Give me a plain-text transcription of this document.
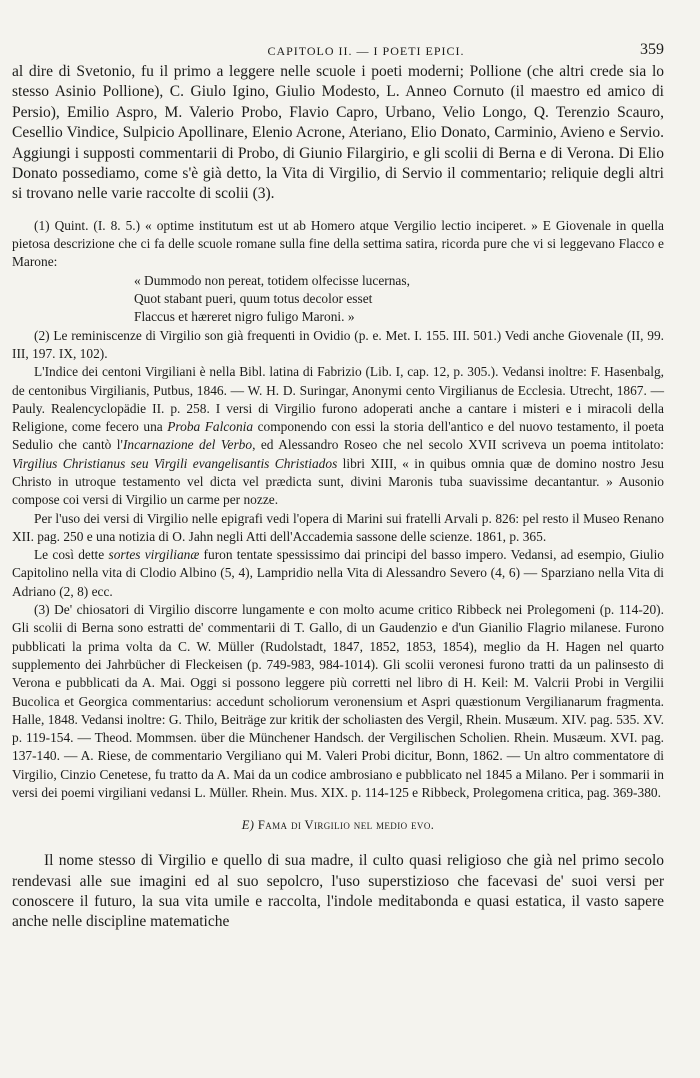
CAPITOLO II. — I POETI EPICI.	359

al dire di Svetonio, fu il primo a leggere nelle scuole i poeti moderni; Pollione (che altri crede sia lo stesso Asinio Pollione), C. Giulo Igino, Giulio Modesto, L. Anneo Cornuto (il maestro ed amico di Persio), Emilio Aspro, M. Valerio Probo, Flavio Capro, Urbano, Velio Longo, Q. Terenzio Scauro, Cesellio Vindice, Sulpicio Apollinare, Elenio Acrone, Ateriano, Elio Donato, Carminio, Avieno e Servio. Aggiungi i supposti commentarii di Probo, di Giunio Filargirio, e gli scolii di Berna e di Verona. Di Elio Donato possediamo, come s'è già detto, la Vita di Virgilio, di Servio il commentario; reliquie degli altri si trovano nelle varie raccolte di scolii (3).

(1) Quint. (I. 8. 5.) « optime institutum est ut ab Homero atque Vergilio lectio inciperet. » E Giovenale in quella pietosa descrizione che ci fa delle scuole romane sulla fine della settima satira, ricorda pure che vi si leggevano Flacco e Marone:

« Dummodo non pereat, totidem olfecisse lucernas,
Quot stabant pueri, quum totus decolor esset
Flaccus et hæreret nigro fuligo Maroni. »

(2) Le reminiscenze di Virgilio son già frequenti in Ovidio (p. e. Met. I. 155. III. 501.) Vedi anche Giovenale (II, 99. III, 197. IX, 102).

L'Indice dei centoni Virgiliani è nella Bibl. latina di Fabrizio (Lib. I, cap. 12, p. 305.). Vedansi inoltre: F. Hasenbalg, de centonibus Virgilianis, Putbus, 1846. — W. H. D. Suringar, Anonymi cento Virgilianus de Ecclesia. Utrecht, 1867. — Pauly. Realencyclopädie II. p. 258. I versi di Virgilio furono adoperati anche a cantare i misteri e i miracoli della Religione, come fecero una Proba Falconia componendo con essi la storia dell'antico e del nuovo testamento, il poeta Sedulio che cantò l'Incarnazione del Verbo, ed Alessandro Roseo che nel secolo XVII scriveva un poema intitolato: Virgilius Christianus seu Virgili evangelisantis Christiados libri XIII, « in quibus omnia quæ de domino nostro Jesu Christo in utroque testamento vel dicta vel prædicta sunt, divini Maronis tuba suavissime decantantur. » Ausonio compose coi versi di Virgilio un carme per nozze.

Per l'uso dei versi di Virgilio nelle epigrafi vedi l'opera di Marini sui fratelli Arvali p. 826: pel resto il Museo Renano XII. pag. 250 e una notizia di O. Jahn negli Atti dell'Accademia sassone delle scienze. 1861, p. 365.

Le così dette sortes virgilianæ furon tentate spessissimo dai principi del basso impero. Vedansi, ad esempio, Giulio Capitolino nella vita di Clodio Albino (5, 4), Lampridio nella Vita di Alessandro Severo (4, 6) — Sparziano nella Vita di Adriano (2, 8) ecc.

(3) De' chiosatori di Virgilio discorre lungamente e con molto acume critico Ribbeck nei Prolegomeni (p. 114-20). Gli scolii di Berna sono estratti de' commentarii di T. Gallo, di un Gaudenzio e d'un Gianilio Flagrio milanese. Furono pubblicati la prima volta da C. W. Müller (Rudolstadt, 1847, 1852, 1853, 1854), meglio da H. Hagen nel quarto supplemento dei Jahrbücher di Fleckeisen (p. 749-983, 984-1014). Gli scolii veronesi furono tratti da un palinsesto di Verona e pubblicati da A. Mai. Oggi si possono leggere più corretti nel libro di H. Keil: M. Valcrii Probi in Vergilii Bucolica et Georgica commentarius: accedunt scholiorum veronensium et Aspri quæstionum Vergilianarum fragmenta. Halle, 1848. Vedansi inoltre: G. Thilo, Beiträge zur kritik der scholiasten des Vergil, Rhein. Musæum. XIV. pag. 535. XV. p. 119-154. — Theod. Mommsen. über die Münchener Handsch. der Vergilischen Scholien. Rhein. Musæum. XVI. pag. 137-140. — A. Riese, de commentario Vergiliano qui M. Valeri Probi dicitur, Bonn, 1862. — Un altro commentatore di Virgilio, Cinzio Cenetese, fu tratto da A. Mai da un codice ambrosiano e pubblicato nel 1845 a Milano. Per i sommarii in versi dei poemi virgiliani vedansi L. Müller. Rhein. Mus. XIX. p. 114-125 e Ribbeck, Prolegomena critica, pag. 369-380.

E) Fama di Virgilio nel medio evo.

Il nome stesso di Virgilio e quello di sua madre, il culto quasi religioso che già nel primo secolo rendevasi alle sue imagini ed al suo sepolcro, l'uso superstizioso che facevasi de' suoi versi per conoscere il futuro, la sua vita umile e raccolta, l'indole meditabonda e quasi estatica, il vasto sapere anche nelle discipline matematiche
